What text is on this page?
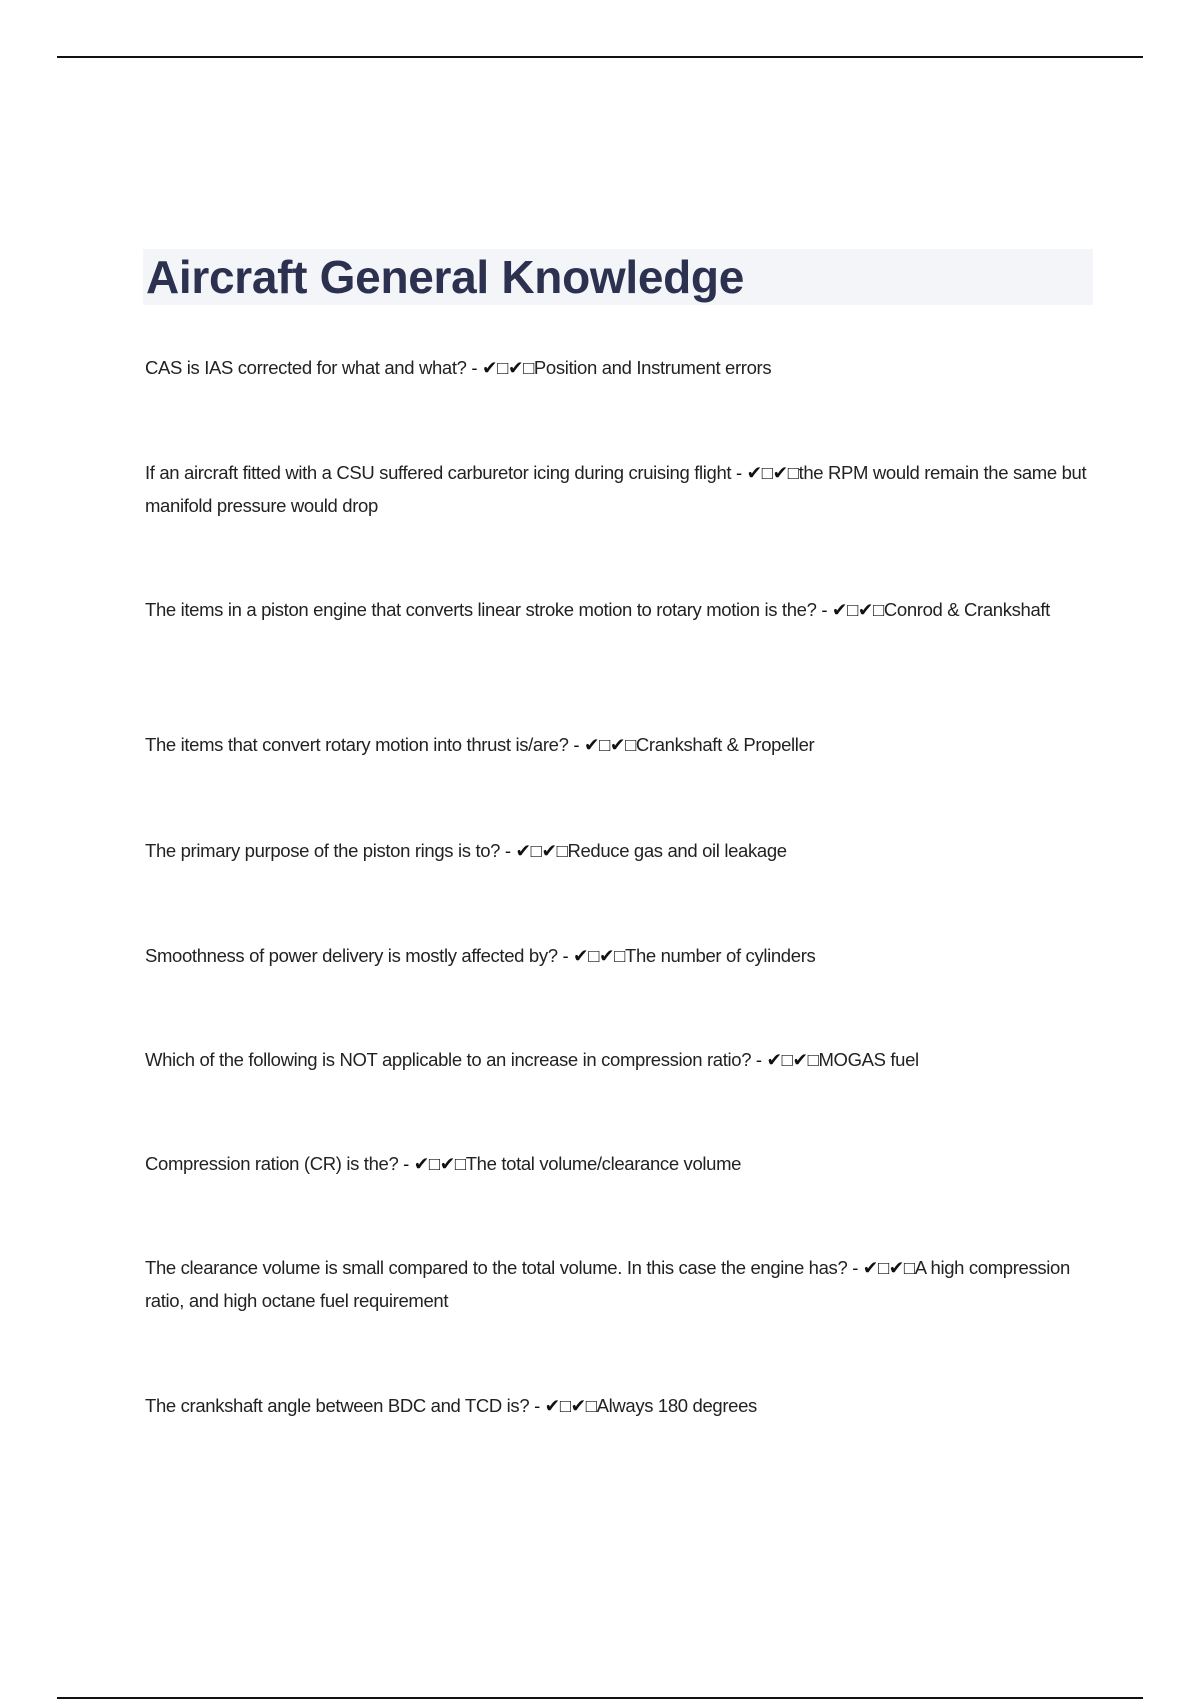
Aircraft General Knowledge
CAS is IAS corrected for what and what? - ✔□✔□Position and Instrument errors
If an aircraft fitted with a CSU suffered carburetor icing during cruising flight - ✔□✔□the RPM would remain the same but manifold pressure would drop
The items in a piston engine that converts linear stroke motion to rotary motion is the? - ✔□✔□Conrod & Crankshaft
The items that convert rotary motion into thrust is/are? - ✔□✔□Crankshaft & Propeller
The primary purpose of the piston rings is to? - ✔□✔□Reduce gas and oil leakage
Smoothness of power delivery is mostly affected by? - ✔□✔□The number of cylinders
Which of the following is NOT applicable to an increase in compression ratio? - ✔□✔□MOGAS fuel
Compression ration (CR) is the? - ✔□✔□The total volume/clearance volume
The clearance volume is small compared to the total volume. In this case the engine has? - ✔□✔□A high compression ratio, and high octane fuel requirement
The crankshaft angle between BDC and TCD is? - ✔□✔□Always 180 degrees
